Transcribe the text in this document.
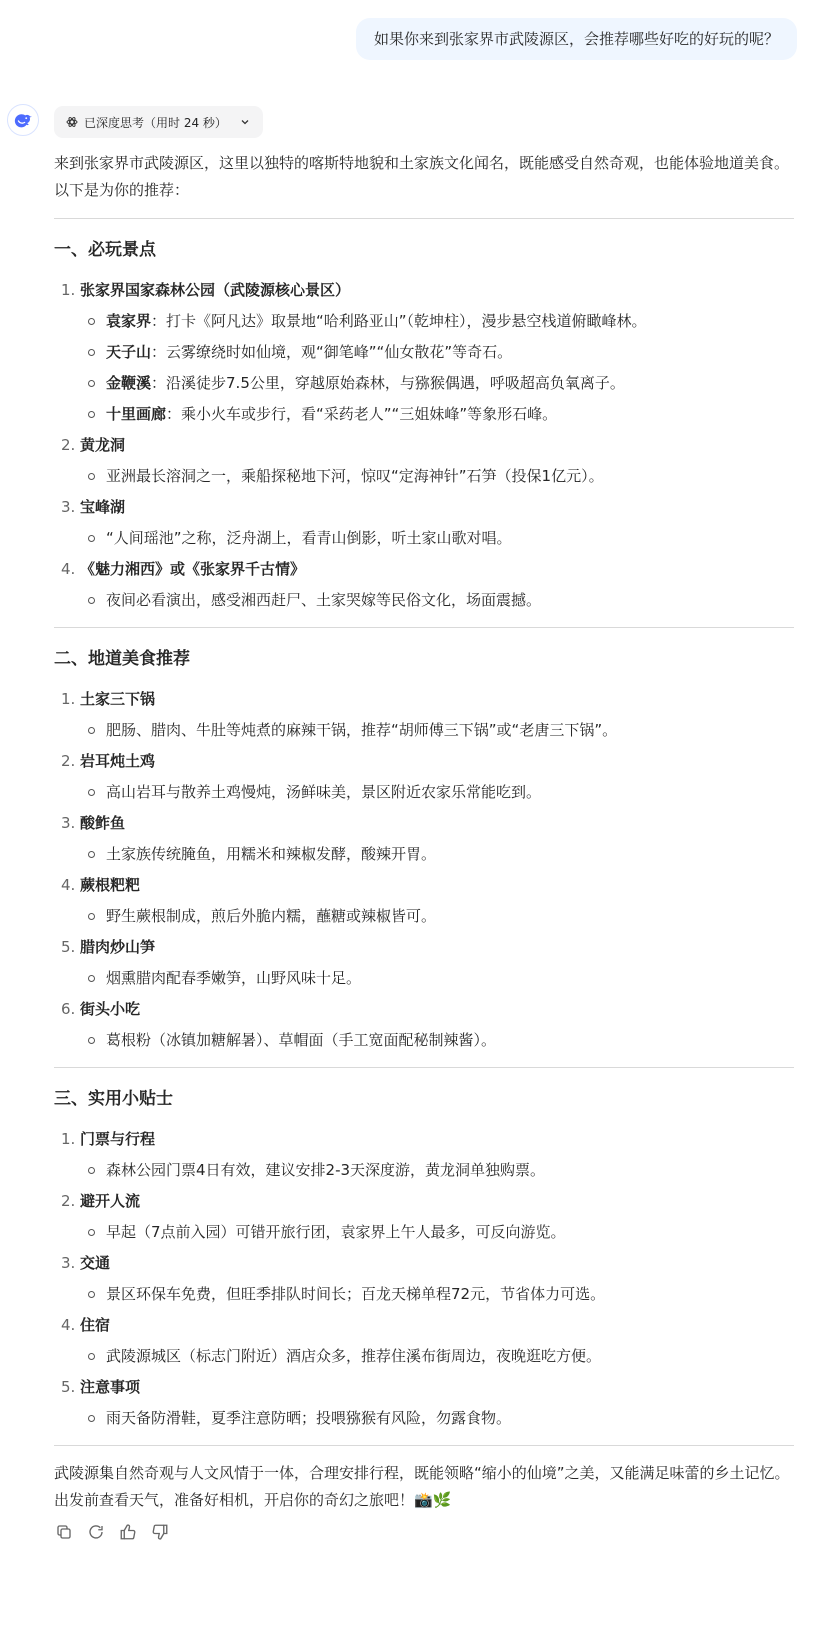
如果你来到张家界市武陵源区，会推荐哪些好吃的好玩的呢？
已深度思考（用时 24 秒）

来到张家界市武陵源区，这里以独特的喀斯特地貌和土家族文化闻名，既能感受自然奇观，也能体验地道美食。以下是为你的推荐：

一、必玩景点
1. 张家界国家森林公园（武陵源核心景区）
袁家界：打卡《阿凡达》取景地“哈利路亚山”（乾坤柱），漫步悬空栈道俯瞰峰林。
天子山：云雾缭绕时如仙境，观“御笔峰”“仙女散花”等奇石。
金鞭溪：沿溪徒步7.5公里，穿越原始森林，与猕猴偶遇，呼吸超高负氧离子。
十里画廊：乘小火车或步行，看“采药老人”“三姐妹峰”等象形石峰。
2. 黄龙洞
亚洲最长溶洞之一，乘船探秘地下河，惊叹“定海神针”石笋（投保1亿元）。
3. 宝峰湖
“人间瑶池”之称，泛舟湖上，看青山倒影，听土家山歌对唱。
4. 《魅力湘西》或《张家界千古情》
夜间必看演出，感受湘西赶尸、土家哭嫁等民俗文化，场面震撼。
二、地道美食推荐
1. 土家三下锅
肥肠、腊肉、牛肚等炖煮的麻辣干锅，推荐“胡师傅三下锅”或“老唐三下锅”。
2. 岩耳炖土鸡
高山岩耳与散养土鸡慢炖，汤鲜味美，景区附近农家乐常能吃到。
3. 酸鲊鱼
土家族传统腌鱼，用糯米和辣椒发酵，酸辣开胃。
4. 蕨根粑粑
野生蕨根制成，煎后外脆内糯，蘸糖或辣椒皆可。
5. 腊肉炒山笋
烟熏腊肉配春季嫩笋，山野风味十足。
6. 街头小吃
葛根粉（冰镇加糖解暑）、草帽面（手工宽面配秘制辣酱）。
三、实用小贴士
1. 门票与行程
森林公园门票4日有效，建议安排2-3天深度游，黄龙洞单独购票。
2. 避开人流
早起（7点前入园）可错开旅行团，袁家界上午人最多，可反向游览。
3. 交通
景区环保车免费，但旺季排队时间长；百龙天梯单程72元，节省体力可选。
4. 住宿
武陵源城区（标志门附近）酒店众多，推荐住溪布街周边，夜晚逛吃方便。
5. 注意事项
雨天备防滑鞋，夏季注意防晒；投喂猕猴有风险，勿露食物。

武陵源集自然奇观与人文风情于一体，合理安排行程，既能领略“缩小的仙境”之美，又能满足味蕾的乡土记忆。出发前查看天气，准备好相机，开启你的奇幻之旅吧！📸🌿
